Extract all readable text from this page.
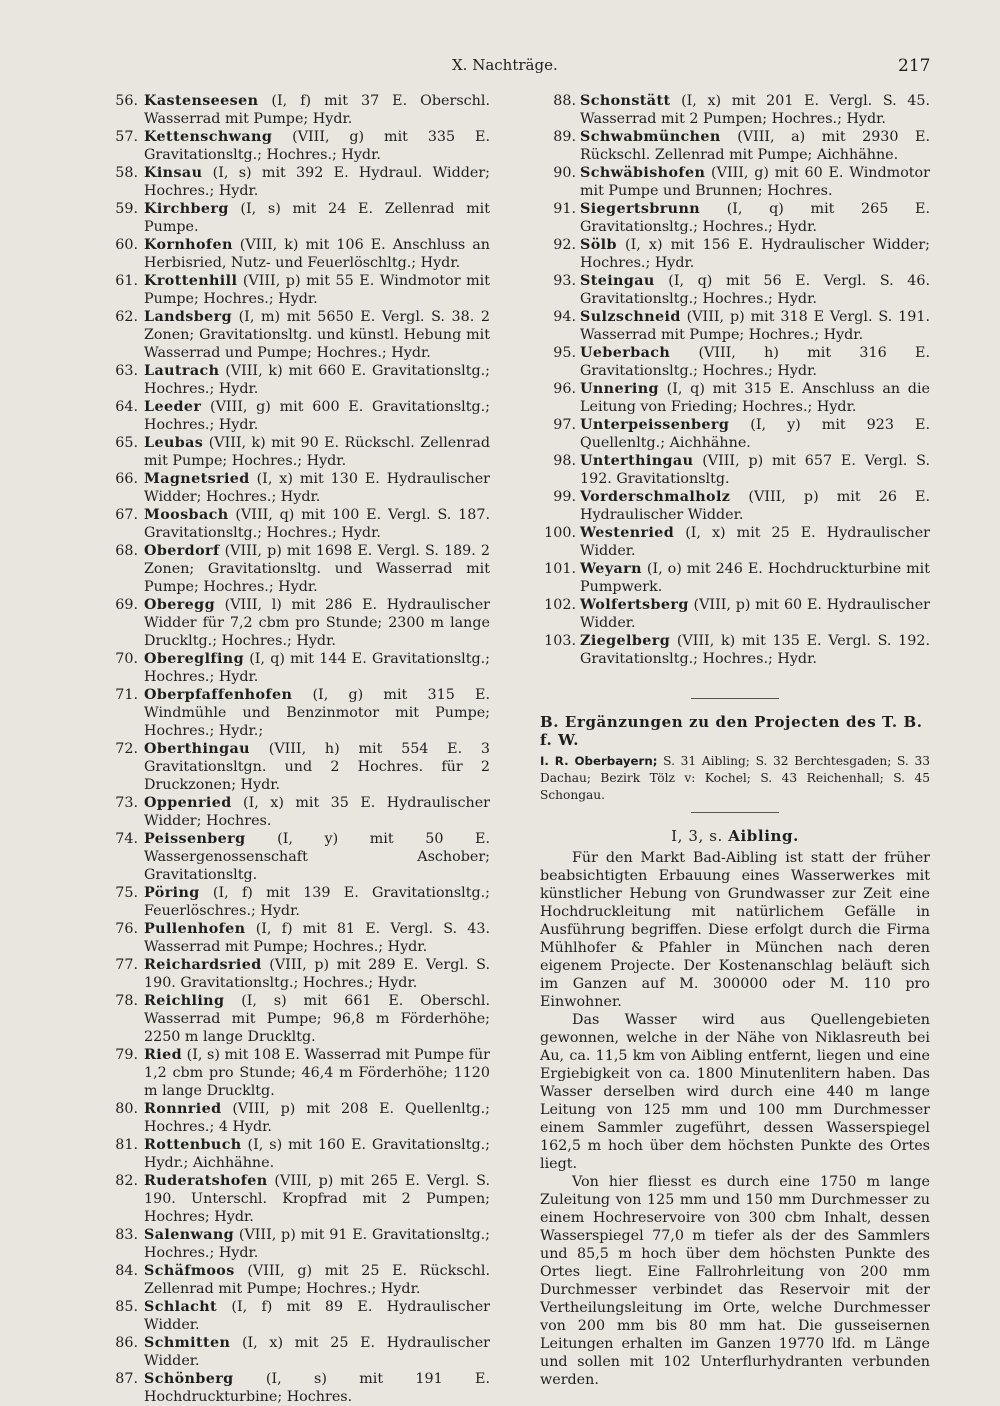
X. Nachträge.	217
56. Kastenseesen (I, f) mit 37 E. Oberschl. Wasserrad mit Pumpe; Hydr.
57. Kettenschwang (VIII, g) mit 335 E. Gravitationsltg.; Hochres.; Hydr.
58. Kinsau (I, s) mit 392 E. Hydraul. Widder; Hochres.; Hydr.
59. Kirchberg (I, s) mit 24 E. Zellenrad mit Pumpe.
60. Kornhofen (VIII, k) mit 106 E. Anschluss an Herbisried, Nutz- und Feuerlöschltg.; Hydr.
61. Krottenhill (VIII, p) mit 55 E. Windmotor mit Pumpe; Hochres.; Hydr.
62. Landsberg (I, m) mit 5650 E. Vergl. S. 38. 2 Zonen; Gravitationsltg. und künstl. Hebung mit Wasserrad und Pumpe; Hochres.; Hydr.
63. Lautrach (VIII, k) mit 660 E. Gravitationsltg.; Hochres.; Hydr.
64. Leeder (VIII, g) mit 600 E. Gravitationsltg.; Hochres.; Hydr.
65. Leubas (VIII, k) mit 90 E. Rückschl. Zellenrad mit Pumpe; Hochres.; Hydr.
66. Magnetsried (I, x) mit 130 E. Hydraulischer Widder; Hochres.; Hydr.
67. Moosbach (VIII, q) mit 100 E. Vergl. S. 187. Gravitationsltg.; Hochres.; Hydr.
68. Oberdorf (VIII, p) mit 1698 E. Vergl. S. 189. 2 Zonen; Gravitationsltg. und Wasserrad mit Pumpe; Hochres.; Hydr.
69. Oberegg (VIII, l) mit 286 E. Hydraulischer Widder für 7,2 cbm pro Stunde; 2300 m lange Druckltg.; Hochres.; Hydr.
70. Obereglfing (I, q) mit 144 E. Gravitationsltg.; Hochres.; Hydr.
71. Oberpfaffenhofen (I, g) mit 315 E. Windmühle und Benzinmotor mit Pumpe; Hochres.; Hydr.;
72. Oberthingau (VIII, h) mit 554 E. 3 Gravitationsltgn. und 2 Hochres. für 2 Druckzonen; Hydr.
73. Oppenried (I, x) mit 35 E. Hydraulischer Widder; Hochres.
74. Peissenberg (I, y) mit 50 E. Wassergenossenschaft Aschober; Gravitationsltg.
75. Pöring (I, f) mit 139 E. Gravitationsltg.; Feuerlöschres.; Hydr.
76. Pullenhofen (I, f) mit 81 E. Vergl. S. 43. Wasserrad mit Pumpe; Hochres.; Hydr.
77. Reichardsried (VIII, p) mit 289 E. Vergl. S. 190. Gravitationsltg.; Hochres.; Hydr.
78. Reichling (I, s) mit 661 E. Oberschl. Wasserrad mit Pumpe; 96,8 m Förderhöhe; 2250 m lange Druckltg.
79. Ried (I, s) mit 108 E. Wasserrad mit Pumpe für 1,2 cbm pro Stunde; 46,4 m Förderhöhe; 1120 m lange Druckltg.
80. Ronnried (VIII, p) mit 208 E. Quellenltg.; Hochres.; 4 Hydr.
81. Rottenbuch (I, s) mit 160 E. Gravitationsltg.; Hydr.; Aichhähne.
82. Ruderatshofen (VIII, p) mit 265 E. Vergl. S. 190. Unterschl. Kropfrad mit 2 Pumpen; Hochres; Hydr.
83. Salenwang (VIII, p) mit 91 E. Gravitationsltg.; Hochres.; Hydr.
84. Schäfmoos (VIII, g) mit 25 E. Rückschl. Zellenrad mit Pumpe; Hochres.; Hydr.
85. Schlacht (I, f) mit 89 E. Hydraulischer Widder.
86. Schmitten (I, x) mit 25 E. Hydraulischer Widder.
87. Schönberg (I, s) mit 191 E. Hochdruckturbine; Hochres.
88. Schonstätt (I, x) mit 201 E. Vergl. S. 45. Wasserrad mit 2 Pumpen; Hochres.; Hydr.
89. Schwabmünchen (VIII, a) mit 2930 E. Rückschl. Zellenrad mit Pumpe; Aichhähne.
90. Schwäbishofen (VIII, g) mit 60 E. Windmotor mit Pumpe und Brunnen; Hochres.
91. Siegertsbrunn (I, q) mit 265 E. Gravitationsltg.; Hochres.; Hydr.
92. Sölb (I, x) mit 156 E. Hydraulischer Widder; Hochres.; Hydr.
93. Steingau (I, q) mit 56 E. Vergl. S. 46. Gravitationsltg.; Hochres.; Hydr.
94. Sulzschneid (VIII, p) mit 318 E Vergl. S. 191. Wasserrad mit Pumpe; Hochres.; Hydr.
95. Ueberbach (VIII, h) mit 316 E. Gravitationsltg.; Hochres.; Hydr.
96. Unnering (I, q) mit 315 E. Anschluss an die Leitung von Frieding; Hochres.; Hydr.
97. Unterpeissenberg (I, y) mit 923 E. Quellenltg.; Aichhähne.
98. Unterthingau (VIII, p) mit 657 E. Vergl. S. 192. Gravitationsltg.
99. Vorderschmalholz (VIII, p) mit 26 E. Hydraulischer Widder.
100. Westenried (I, x) mit 25 E. Hydraulischer Widder.
101. Weyarn (I, o) mit 246 E. Hochdruckturbine mit Pumpwerk.
102. Wolfertsberg (VIII, p) mit 60 E. Hydraulischer Widder.
103. Ziegelberg (VIII, k) mit 135 E. Vergl. S. 192. Gravitationsltg.; Hochres.; Hydr.
B. Ergänzungen zu den Projecten des T. B. f. W.
I. R. Oberbayern; S. 31 Aibling; S. 32 Berchtesgaden; S. 33 Dachau; Bezirk Tölz v: Kochel; S. 43 Reichenhall; S. 45 Schongau.
I, 3, s. Aibling.
Für den Markt Bad-Aibling ist statt der früher beabsichtigten Erbauung eines Wasserwerkes mit künstlicher Hebung von Grundwasser zur Zeit eine Hochdruckleitung mit natürlichem Gefälle in Ausführung begriffen. Diese erfolgt durch die Firma Mühlhofer & Pfahler in München nach deren eigenem Projecte. Der Kostenanschlag beläuft sich im Ganzen auf M. 300000 oder M. 110 pro Einwohner.
Das Wasser wird aus Quellengebieten gewonnen, welche in der Nähe von Niklasreuth bei Au, ca. 11,5 km von Aibling entfernt, liegen und eine Ergiebigkeit von ca. 1800 Minutenlitern haben. Das Wasser derselben wird durch eine 440 m lange Leitung von 125 mm und 100 mm Durchmesser einem Sammler zugeführt, dessen Wasserspiegel 162,5 m hoch über dem höchsten Punkte des Ortes liegt.
Von hier fliesst es durch eine 1750 m lange Zuleitung von 125 mm und 150 mm Durchmesser zu einem Hochreservoire von 300 cbm Inhalt, dessen Wasserspiegel 77,0 m tiefer als der des Sammlers und 85,5 m hoch über dem höchsten Punkte des Ortes liegt. Eine Fallrohrleitung von 200 mm Durchmesser verbindet das Reservoir mit der Vertheilungsleitung im Orte, welche Durchmesser von 200 mm bis 80 mm hat. Die gusseisernen Leitungen erhalten im Ganzen 19770 lfd. m Länge und sollen mit 102 Unterflurhydranten verbunden werden.
